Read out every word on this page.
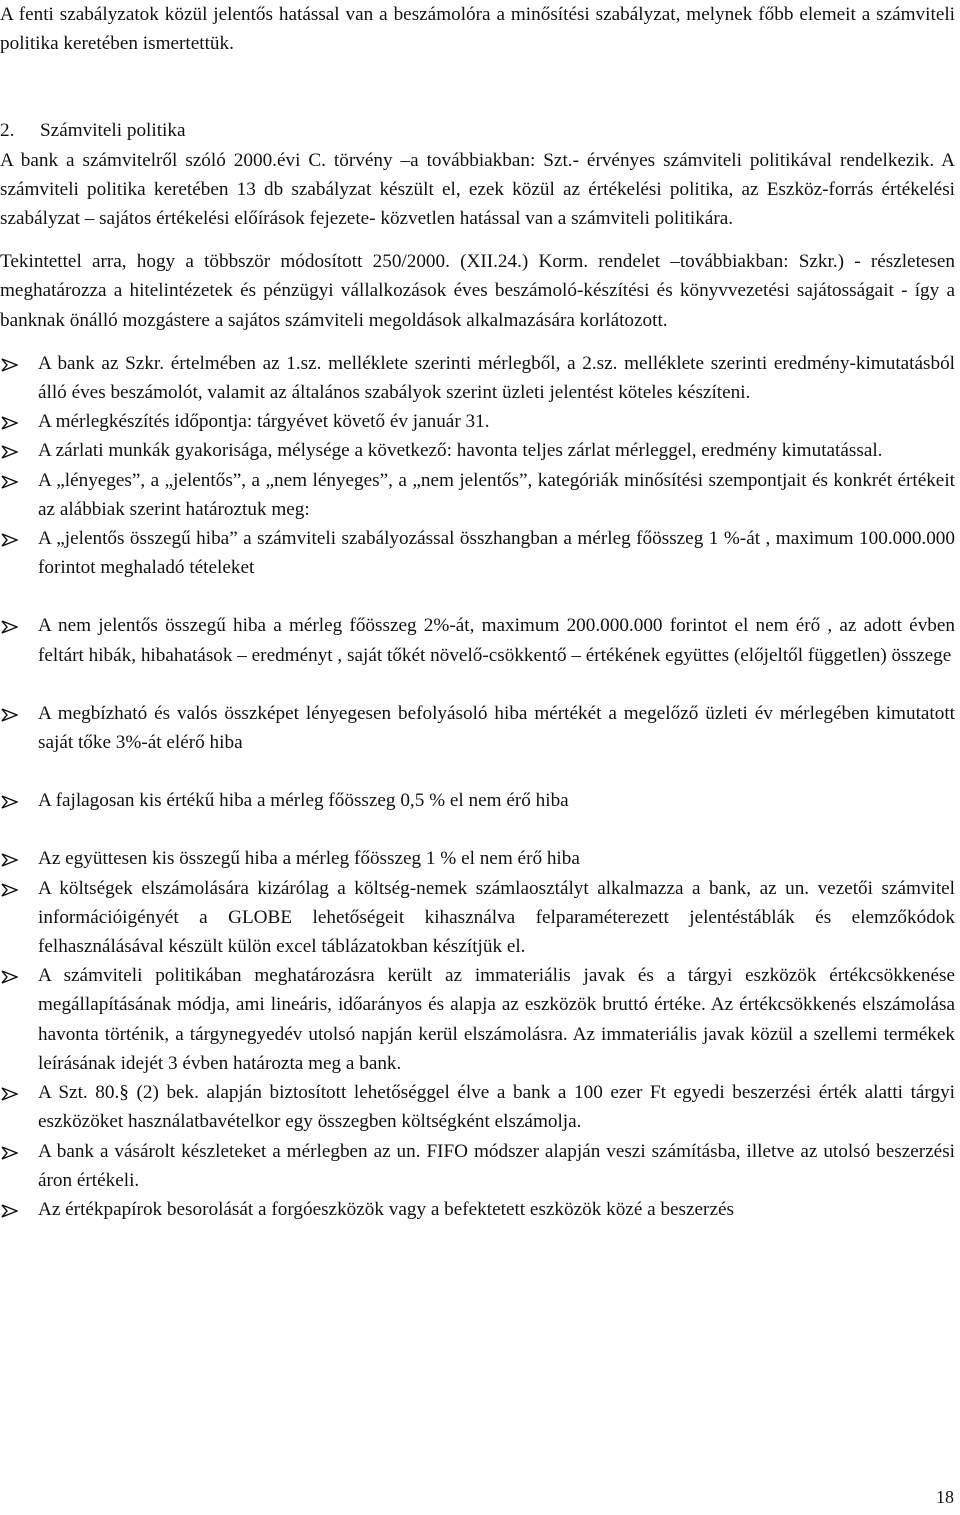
A fenti szabályzatok közül jelentős hatással van a beszámolóra a minősítési szabályzat, melynek főbb elemeit a számviteli politika keretében ismertettük.

2. Számviteli politika

A bank a számvitelről szóló 2000.évi C. törvény –a továbbiakban: Szt.- érvényes számviteli politikával rendelkezik. A számviteli politika keretében 13 db szabályzat készült el, ezek közül az értékelési politika, az Eszköz-forrás értékelési szabályzat – sajátos értékelési előírások fejezete- közvetlen hatással van a számviteli politikára.

Tekintettel arra, hogy a többször módosított 250/2000. (XII.24.) Korm. rendelet –továbbiakban: Szkr.) - részletesen meghatározza a hitelintézetek és pénzügyi vállalkozások éves beszámoló-készítési és könyvvezetési sajátosságait - így a banknak önálló mozgástere a sajátos számviteli megoldások alkalmazására korlátozott.

A bank az Szkr. értelmében az 1.sz. melléklete szerinti mérlegből, a 2.sz. melléklete szerinti eredmény-kimutatásból álló éves beszámolót, valamit az általános szabályok szerint üzleti jelentést köteles készíteni.
A mérlegkészítés időpontja: tárgyévet követő év január 31.
A zárlati munkák gyakorisága, mélysége a következő: havonta teljes zárlat mérleggel, eredmény kimutatással.
A „lényeges”, a „jelentős”, a „nem lényeges”, a „nem jelentős”, kategóriák minősítési szempontjait és konkrét értékeit az alábbiak szerint határoztuk meg:
A „jelentős összegű hiba” a számviteli szabályozással összhangban a mérleg főösszeg 1 %-át , maximum 100.000.000 forintot meghaladó tételeket
A nem jelentős összegű hiba a mérleg főösszeg 2%-át, maximum 200.000.000 forintot el nem érő , az adott évben feltárt hibák, hibahatások – eredményt , saját tőkét növelő-csökkentő – értékének együttes (előjeltől független) összege
A megbízható és valós összképet lényegesen befolyásoló hiba mértékét a megelőző üzleti év mérlegében kimutatott saját tőke 3%-át elérő hiba
A fajlagosan kis értékű hiba a mérleg főösszeg 0,5 % el nem érő hiba
Az együttesen kis összegű hiba a mérleg főösszeg 1 % el nem érő hiba
A költségek elszámolására kizárólag a költség-nemek számlaosztályt alkalmazza a bank, az un. vezetői számvitel információigényét a GLOBE lehetőségeit kihasználva felparaméterezett jelentéstáblák és elemzőkódok felhasználásával készült külön excel táblázatokban készítjük el.
A számviteli politikában meghatározásra került az immateriális javak és a tárgyi eszközök értékcsökkenése megállapításának módja, ami lineáris, időarányos és alapja az eszközök bruttó értéke. Az értékcsökkenés elszámolása havonta történik, a tárgynegyedév utolsó napján kerül elszámolásra. Az immateriális javak közül a szellemi termékek leírásának idejét 3 évben határozta meg a bank.
A Szt. 80.§ (2) bek. alapján biztosított lehetőséggel élve a bank a 100 ezer Ft egyedi beszerzési érték alatti tárgyi eszközöket használatbavételkor egy összegben költségként elszámolja.
A bank a vásárolt készleteket a mérlegben az un. FIFO módszer alapján veszi számításba, illetve az utolsó beszerzési áron értékeli.
Az értékpapírok besorolását a forgóeszközök vagy a befektetett eszközök közé a beszerzés
18
